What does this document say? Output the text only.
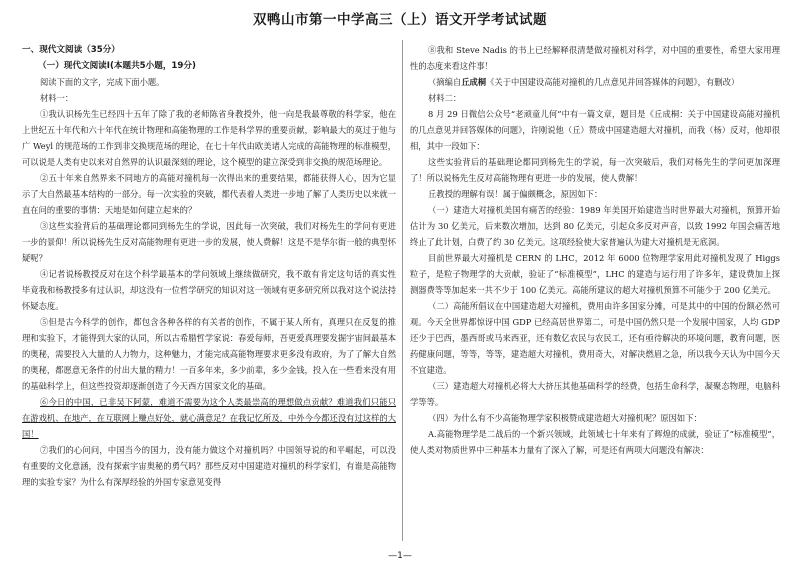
双鸭山市第一中学高三（上）语文开学考试试题
一、现代文阅读（35分）
（一）现代文阅读Ⅰ(本题共5小题，19分)
阅读下面的文字，完成下面小题。
材料一：

①我认识杨先生已经四十五年了除了我的老师陈省身教授外，他一向是我最尊敬的科学家，他在上世纪五十年代和六十年代在统计物理和高能物理的工作是科学界的重要贡献，影响最大的莫过于他与广 Weyl 的规范场的工作到非交换规范场的理论，在七十年代由欧美诸人完成的高能物理的标准模型，可以说是人类有史以来对自然界的认识最深刻的理论，这个模型的建立深受到非交换的规范场理论。

②五十年来自然界来不同地方的高能对撞机每一次得出来的重要结果，都能获得人心，因为它显示了大自然最基本结构的一部分。每一次实验的突破，都代表着人类进一步地了解了人类历史以来就一直在问的重要的事情：天地是如何建立起来的？

③这些实验背后的基础理论都同到杨先生的学说，因此每一次突破，我们对杨先生的学问有更进一步的景仰！所以说杨先生反对高能物理有更进一步的发展，使人费解！这是不是华尔街一般的典型怀疑呢？

④记者说杨教授反对在这个科学最基本的学问领域上继续做研究，我不敢有肯定这句话的真实性毕竟我和杨教授多有过认识，却这没有一位哲学研究的知识对这一领域有更多研究所以我对这个说法持怀疑态度。

⑤但是古今科学的创作，都包含各种各样的有关者的创作，不属于某人所有，真理只在反复的推理和实验下，才能得到大家的认同，所以古希腊哲学家说：春爱每师，吾更爱真理要发掘宇宙间最基本的奥秘，需要投入大量的人力物力，这种魅力，才能完成高能物理要求更多没有政府，为了了解大自然的奥秘，都愿意无条件的付出大量的精力！一百多年来，多少前辈，多少金钱，投入在一些看来没有用的基础科学上，但这些投资却逐渐创造了今天西方国家文化的基础。

⑥今日的中国，已非吴下阿蒙，难道不需要为这个人类最崇高的理想做点贡献？难道我们只能只在游戏机、在地产，在互联网上赚点好处，就心满意足？在我记忆所及，中外今今都还没有过这样的大国！

⑦我们的心问问，中国当今的国力，没有能力做这个对撞机吗？中国领导说的和平崛起，可以没有重要的文化意涵，没有探索宇宙奥秘的勇气吗？那些反对中国建造对撞机的科学家们，有谁是高能物理的实验专家？为什么有深厚经验的外国专家意见变得

⑧我和 Steve Nadis 的书上已经解释很清楚做对撞机对科学，对中国的重要性，希望大家用理性的态度来看这件事！

（摘编自丘成桐《关于中国建设高能对撞机的几点意见并回答媒体的问题》，有删改）

材料二：

8 月 29 日微信公众号“老顽童儿何”中有一篇文章，题目是《丘成桐：关于中国建设高能对撞机的几点意见并回答媒体的问题》，许刚说他（丘）赞成中国建造超大对撞机，而我（杨）反对，他却很相，其中一段如下：

这些实验背后的基础理论都同到杨先生的学说，每一次突破后，我们对杨先生的学问更加深理了！所以说杨先生反对高能物理有更进一步的发展，使人费解！

丘教授的理解有误！属于偏颇概念，原因如下：

（一）建造大对撞机美国有痛苦的经验：1989 年美国开始建造当时世界最大对撞机，预算开始估计为 30 亿美元，后来数次增加，达到 80 亿美元，引起众多反对声音，以致 1992 年国会痛苦地终止了此计划，白费了约 30 亿美元。这项经验使大家普遍认为建大对撞机是无底洞。

目前世界最大对撞机是 CERN 的 LHC，2012 年 6000 位物理学家用此对撞机发现了 Higgs 粒子，是粒子物理学的大贡献，验证了“标准模型”，LHC 的建造与运行用了许多年，建设费加上探测器费等等加起来一共不少于 100 亿美元。高能所建议的超大对撞机预算不可能少于 200 亿美元。

（二）高能所倡议在中国建造超大对撞机，费用由许多国家分摊，可是其中的中国的份额必然可观。今天全世界都惊讶中国 GDP 已经高居世界第二，可是中国仍然只是一个发展中国家，人均 GDP 还少于巴西，墨西哥或马来西亚，还有数亿农民与农民工，还有亟待解决的环境问题，教育问题，医药健康问题，等等，等等，建造超大对撞机，费用奇大，对解决燃眉之急，所以我今天认为中国今天不宜建造。

（三）建造超大对撞机必将大大挤压其他基础科学的经费，包括生命科学，凝聚态物理，电脑科学等等。

（四）为什么有不少高能物理学家积极赞成建造超大对撞机呢？原因如下：

A.高能物理学是二战后的一个新兴领域，此领域七十年来有了辉煌的成就，验证了“标准模型”，使人类对物质世界中三种基本力量有了深入了解，可是还有两项大问题没有解决：

—1—
